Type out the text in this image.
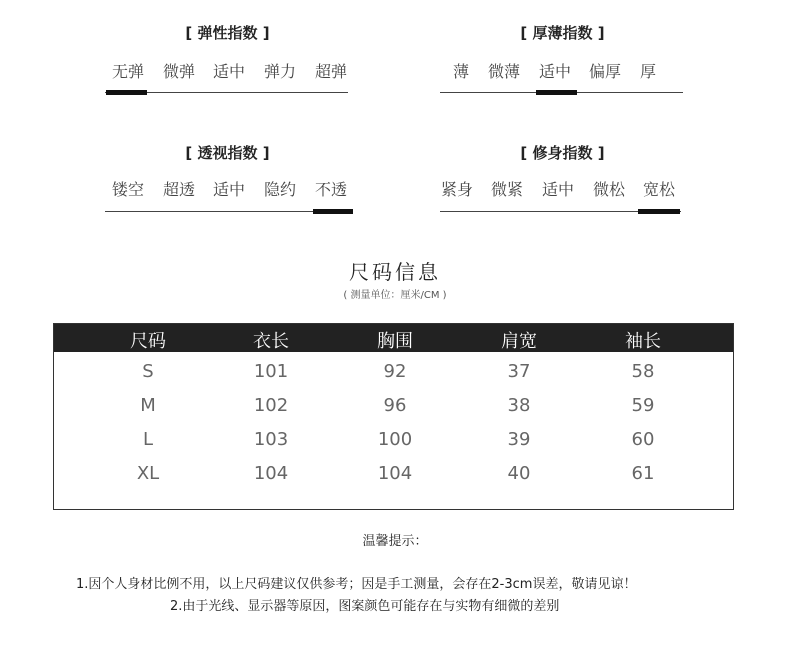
[ 弹性指数 ]
无弹 微弹 适中 弹力 超弹
[ 厚薄指数 ]
薄 微薄 适中 偏厚 厚
[ 透视指数 ]
镂空 超透 适中 隐约 不透
[ 修身指数 ]
紧身 微紧 适中 微松 宽松
尺码信息
( 测量单位：厘米/CM )
尺码	衣长	胸围	肩宽	袖长
S	101	92	37	58
M	102	96	38	59
L	103	100	39	60
XL	104	104	40	61
温馨提示：
1.因个人身材比例不用，以上尺码建议仅供参考；因是手工测量，会存在2-3cm误差，敬请见谅！
2.由于光线、显示器等原因，图案颜色可能存在与实物有细微的差别
